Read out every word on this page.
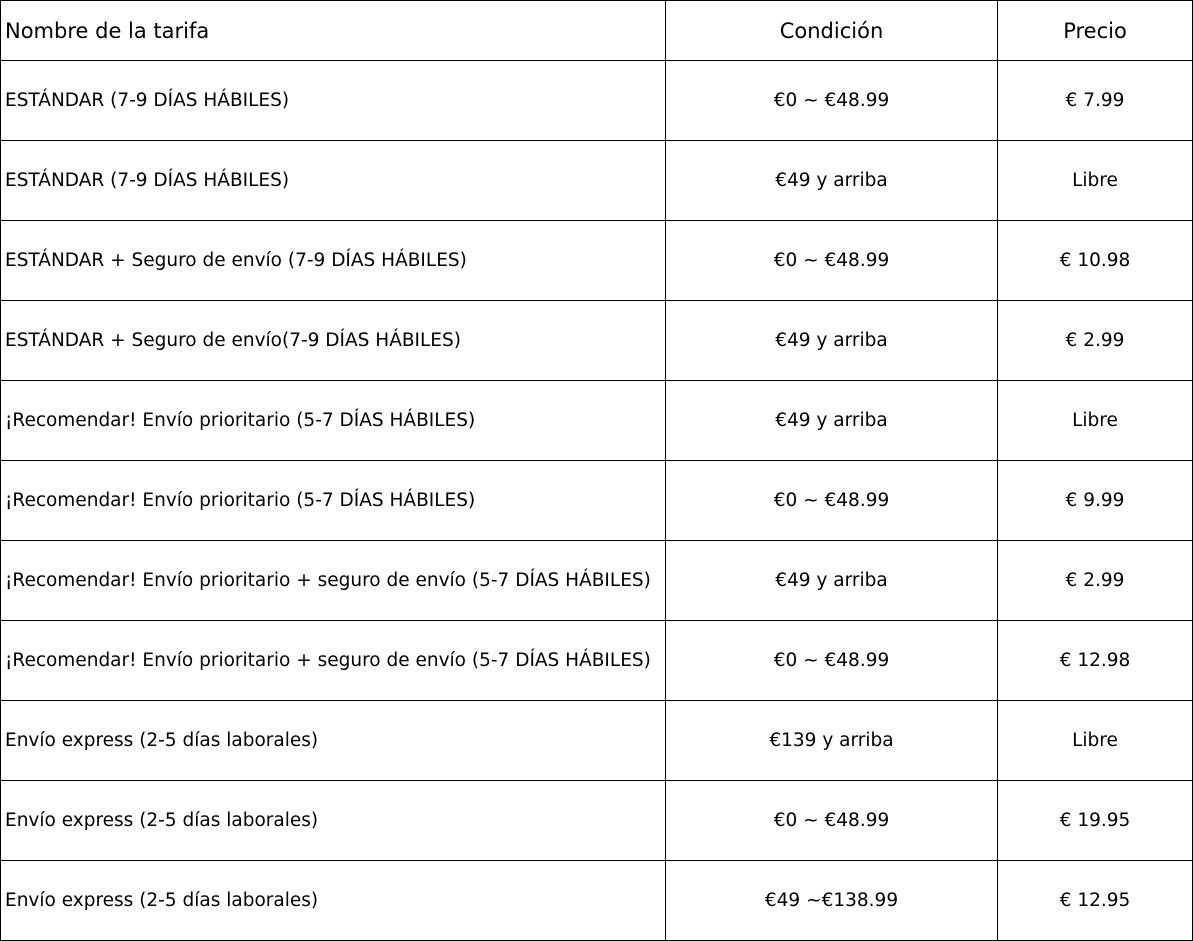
Nombre de la tarifa	Condición	Precio
ESTÁNDAR (7-9 DÍAS HÁBILES)	€0 ~ €48.99	€ 7.99
ESTÁNDAR (7-9 DÍAS HÁBILES)	€49 y arriba	Libre
ESTÁNDAR + Seguro de envío (7-9 DÍAS HÁBILES)	€0 ~ €48.99	€ 10.98
ESTÁNDAR + Seguro de envío(7-9 DÍAS HÁBILES)	€49 y arriba	€ 2.99
¡Recomendar! Envío prioritario (5-7 DÍAS HÁBILES)	€49 y arriba	Libre
¡Recomendar! Envío prioritario (5-7 DÍAS HÁBILES)	€0 ~ €48.99	€ 9.99
¡Recomendar! Envío prioritario + seguro de envío (5-7 DÍAS HÁBILES)	€49 y arriba	€ 2.99
¡Recomendar! Envío prioritario + seguro de envío (5-7 DÍAS HÁBILES)	€0 ~ €48.99	€ 12.98
Envío express (2-5 días laborales)	€139 y arriba	Libre
Envío express (2-5 días laborales)	€0 ~ €48.99	€ 19.95
Envío express (2-5 días laborales)	€49 ~€138.99	€ 12.95
